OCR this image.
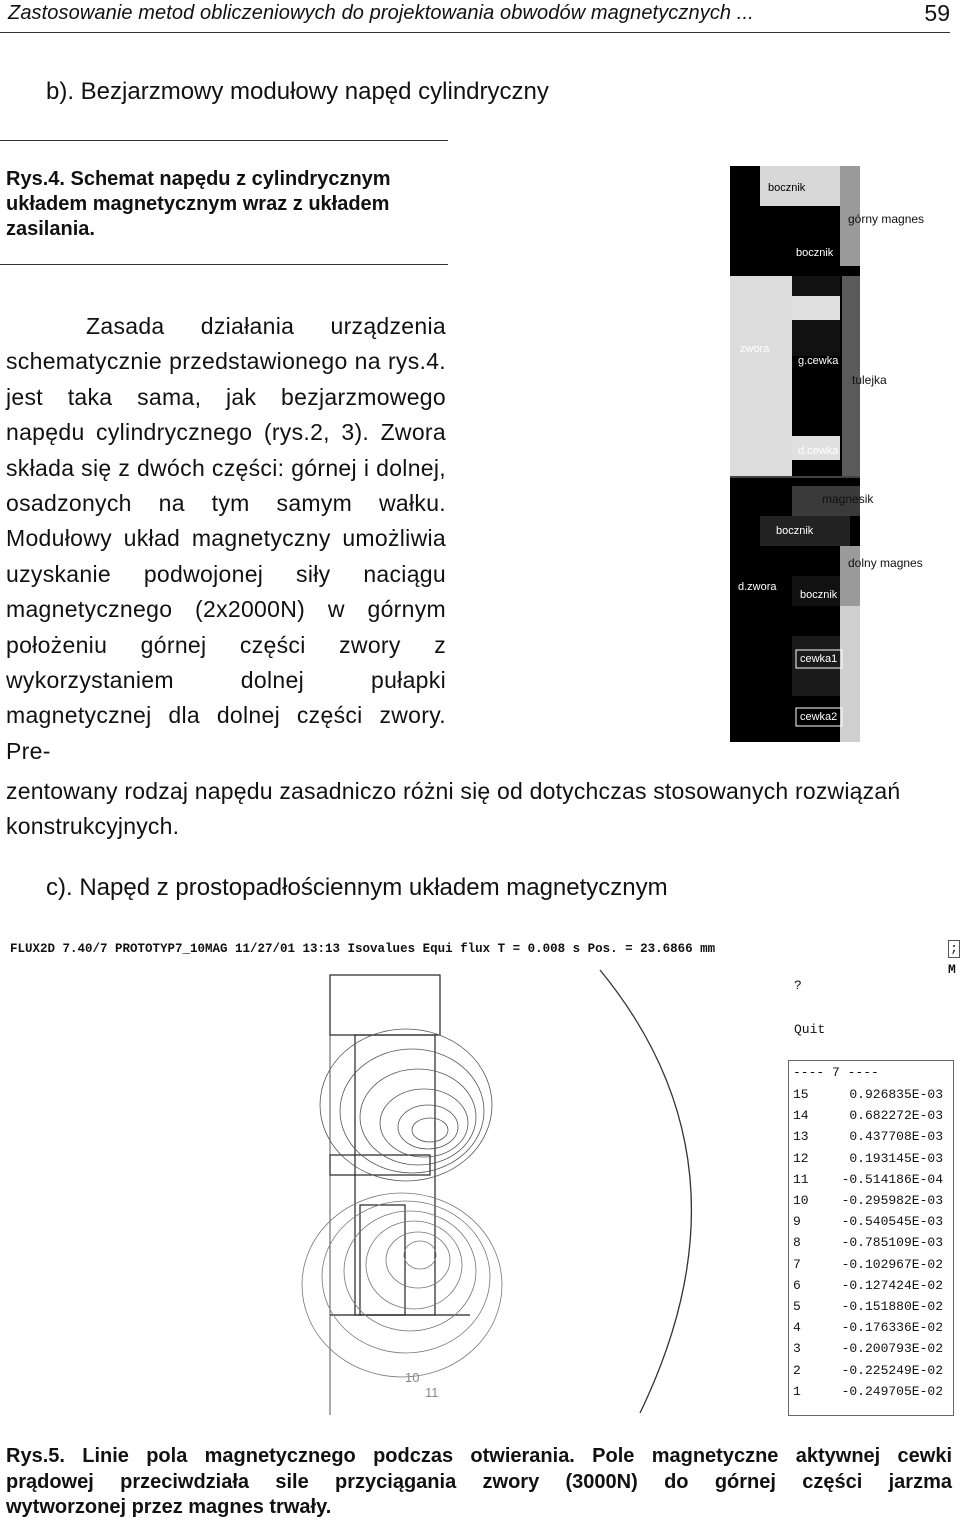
Zastosowanie metod obliczeniowych do projektowania obwodów magnetycznych ...	59
b). Bezjarzmowy modułowy napęd cylindryczny
Rys.4. Schemat napędu z cylindrycznym układem magnetycznym wraz z układem zasilania.
Zasada działania urządzenia schematycznie przedstawionego na rys.4. jest taka sama, jak bezjarzmowego napędu cylindrycznego (rys.2, 3). Zwora składa się z dwóch części: górnej i dolnej, osadzonych na tym samym wałku. Modułowy układ magnetyczny umożliwia uzyskanie podwojonej siły naciągu magnetycznego (2x2000N) w górnym położeniu górnej części zwory z wykorzystaniem dolnej pułapki magnetycznej dla dolnej części zwory. Pre-
zentowany rodzaj napędu zasadniczo różni się od dotychczas stosowanych rozwiązań konstrukcyjnych.
bocznik
bocznik
zwora
g.cewka
d.cewka
bocznik
d.zwora
bocznik
cewka1
cewka2
górny magnes
tulejka
magnesik
dolny magnes
c). Napęd z prostopadłościennym układem magnetycznym
10
11
FLUX2D 7.40/7 PROTOTYP7_10MAG 11/27/01 13:13 Isovalues Equi flux T = 0.008 s Pos. = 23.6866 mm	;
M
?
Quit
---- 7 ----
15	0.926835E-03
14	0.682272E-03
13	0.437708E-03
12	0.193145E-03
11	-0.514186E-04
10	-0.295982E-03
9	-0.540545E-03
8	-0.785109E-03
7	-0.102967E-02
6	-0.127424E-02
5	-0.151880E-02
4	-0.176336E-02
3	-0.200793E-02
2	-0.225249E-02
1	-0.249705E-02
Rys.5. Linie pola magnetycznego podczas otwierania. Pole magnetyczne aktywnej cewki
prądowej przeciwdziała sile przyciągania zwory (3000N) do górnej części jarzma
wytworzonej przez magnes trwały.
